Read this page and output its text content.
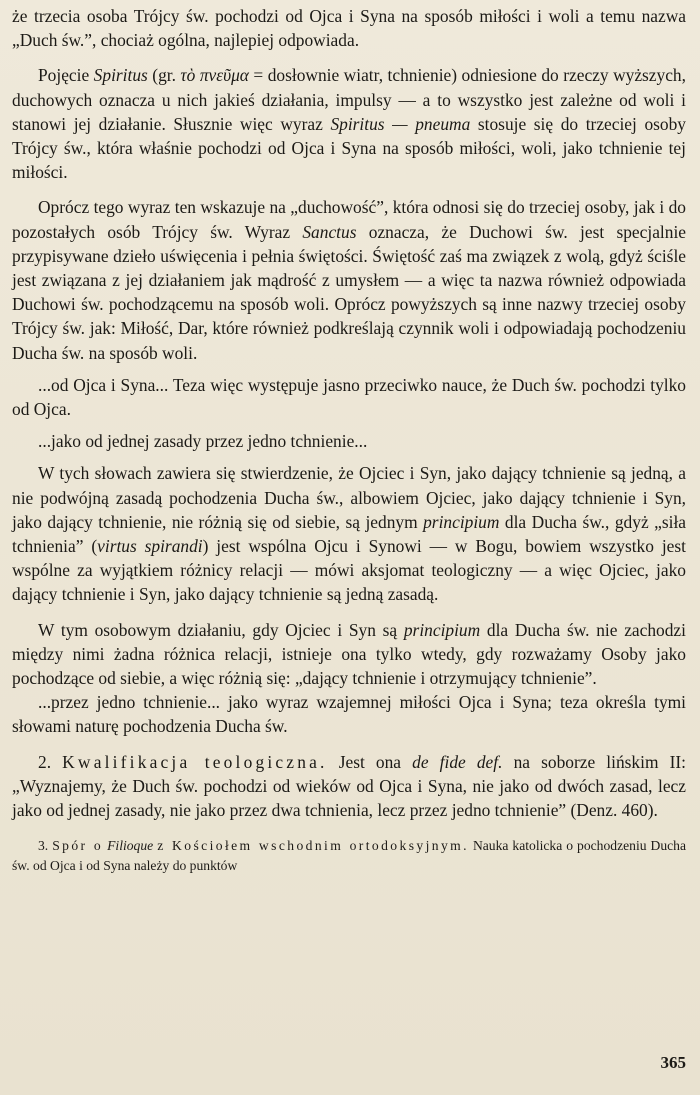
że trzecia osoba Trójcy św. pochodzi od Ojca i Syna na sposób miłości i woli a temu nazwa „Duch św.”, chociaż ogólna, najlepiej odpowiada.

Pojęcie Spiritus (gr. τὸ πνεῦμα = dosłownie wiatr, tchnienie) odniesione do rzeczy wyższych, duchowych oznacza u nich jakieś działania, impulsy — a to wszystko jest zależne od woli i stanowi jej działanie. Słusznie więc wyraz Spiritus — pneuma stosuje się do trzeciej osoby Trójcy św., która właśnie pochodzi od Ojca i Syna na sposób miłości, woli, jako tchnienie tej miłości.

Oprócz tego wyraz ten wskazuje na „duchowość”, która odnosi się do trzeciej osoby, jak i do pozostałych osób Trójcy św. Wyraz Sanctus oznacza, że Duchowi św. jest specjalnie przypisywane dzieło uświęcenia i pełnia świętości. Świętość zaś ma związek z wolą, gdyż ściśle jest związana z jej działaniem jak mądrość z umysłem — a więc ta nazwa również odpowiada Duchowi św. pochodzącemu na sposób woli. Oprócz powyższych są inne nazwy trzeciej osoby Trójcy św. jak: Miłość, Dar, które również podkreślają czynnik woli i odpowiadają pochodzeniu Ducha św. na sposób woli.

...od Ojca i Syna... Teza więc występuje jasno przeciwko nauce, że Duch św. pochodzi tylko od Ojca.

...jako od jednej zasady przez jedno tchnienie...

W tych słowach zawiera się stwierdzenie, że Ojciec i Syn, jako dający tchnienie są jedną, a nie podwójną zasadą pochodzenia Ducha św., albowiem Ojciec, jako dający tchnienie i Syn, jako dający tchnienie, nie różnią się od siebie, są jednym principium dla Ducha św., gdyż „siła tchnienia” (virtus spirandi) jest wspólna Ojcu i Synowi — w Bogu, bowiem wszystko jest wspólne za wyjątkiem różnicy relacji — mówi aksjomat teologiczny — a więc Ojciec, jako dający tchnienie i Syn, jako dający tchnienie są jedną zasadą.

W tym osobowym działaniu, gdy Ojciec i Syn są principium dla Ducha św. nie zachodzi między nimi żadna różnica relacji, istnieje ona tylko wtedy, gdy rozważamy Osoby jako pochodzące od siebie, a więc różnią się: „dający tchnienie i otrzymujący tchnienie”.

...przez jedno tchnienie... jako wyraz wzajemnej miłości Ojca i Syna; teza określa tymi słowami naturę pochodzenia Ducha św.

2. Kwalifikacja teologiczna. Jest ona de fide def. na soborze lińskim II: „Wyznajemy, że Duch św. pochodzi od wieków od Ojca i Syna, nie jako od dwóch zasad, lecz jako od jednej zasady, nie jako przez dwa tchnienia, lecz przez jedno tchnienie” (Denz. 460).

3. Spór o Filioque z Kościołem wschodnim ortodoksyjnym. Nauka katolicka o pochodzeniu Ducha św. od Ojca i od Syna należy do punktów

365
